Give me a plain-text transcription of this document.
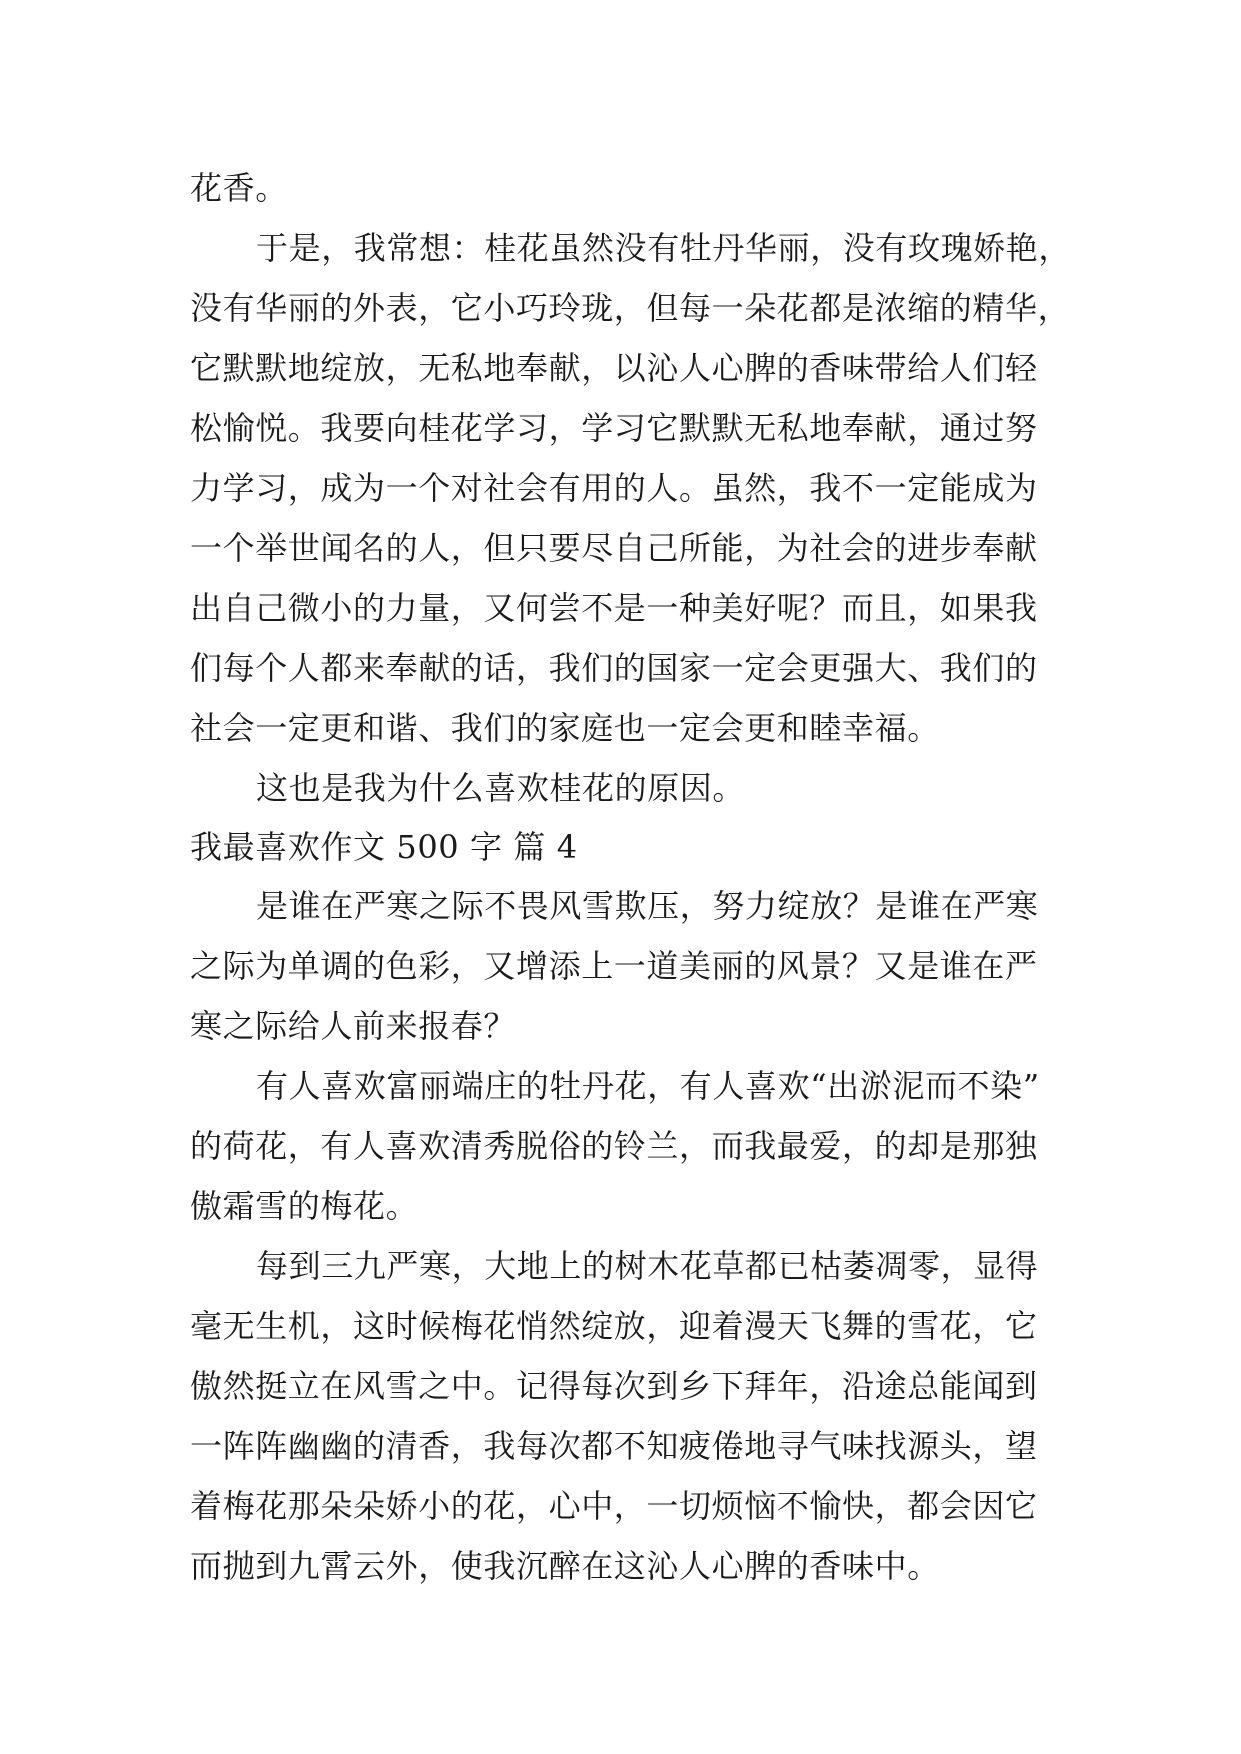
花香。
于是，我常想：桂花虽然没有牡丹华丽，没有玫瑰娇艳，
没有华丽的外表，它小巧玲珑，但每一朵花都是浓缩的精华，
它默默地绽放，无私地奉献，以沁人心脾的香味带给人们轻
松愉悦。我要向桂花学习，学习它默默无私地奉献，通过努
力学习，成为一个对社会有用的人。虽然，我不一定能成为
一个举世闻名的人，但只要尽自己所能，为社会的进步奉献
出自己微小的力量，又何尝不是一种美好呢？而且，如果我
们每个人都来奉献的话，我们的国家一定会更强大、我们的
社会一定更和谐、我们的家庭也一定会更和睦幸福。
这也是我为什么喜欢桂花的原因。
我最喜欢作文 500 字 篇 4
是谁在严寒之际不畏风雪欺压，努力绽放？是谁在严寒
之际为单调的色彩，又增添上一道美丽的风景？又是谁在严
寒之际给人前来报春？
有人喜欢富丽端庄的牡丹花，有人喜欢“出淤泥而不染”
的荷花，有人喜欢清秀脱俗的铃兰，而我最爱，的却是那独
傲霜雪的梅花。
每到三九严寒，大地上的树木花草都已枯萎凋零，显得
毫无生机，这时候梅花悄然绽放，迎着漫天飞舞的雪花，它
傲然挺立在风雪之中。记得每次到乡下拜年，沿途总能闻到
一阵阵幽幽的清香，我每次都不知疲倦地寻气味找源头，望
着梅花那朵朵娇小的花，心中，一切烦恼不愉快，都会因它
而抛到九霄云外，使我沉醉在这沁人心脾的香味中。
